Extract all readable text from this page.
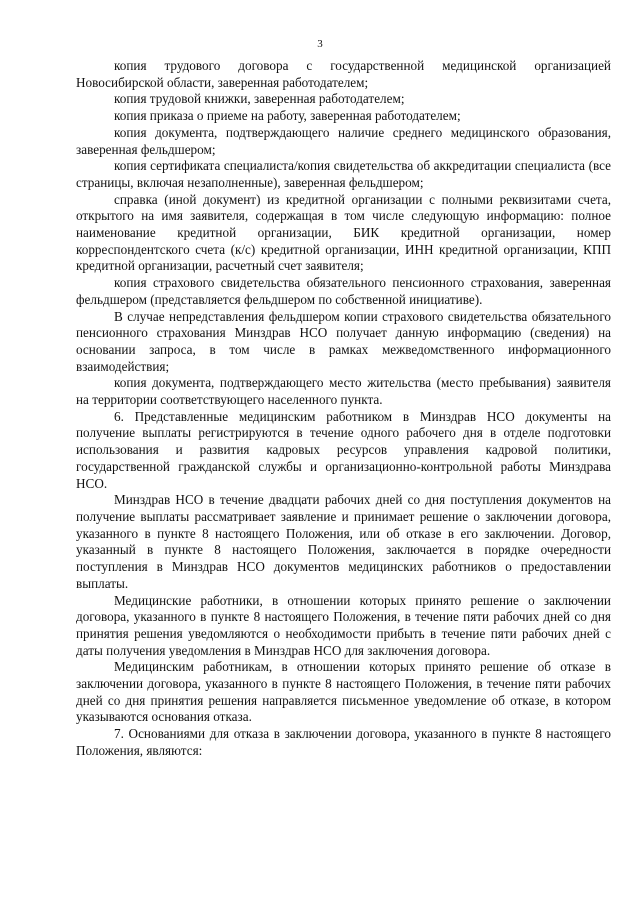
3

копия трудового договора с государственной медицинской организацией Новосибирской области, заверенная работодателем;

копия трудовой книжки, заверенная работодателем;

копия приказа о приеме на работу, заверенная работодателем;

копия документа, подтверждающего наличие среднего медицинского образования, заверенная фельдшером;

копия сертификата специалиста/копия свидетельства об аккредитации специалиста (все страницы, включая незаполненные), заверенная фельдшером;

справка (иной документ) из кредитной организации с полными реквизитами счета, открытого на имя заявителя, содержащая в том числе следующую информацию: полное наименование кредитной организации, БИК кредитной организации, номер корреспондентского счета (к/с) кредитной организации, ИНН кредитной организации, КПП кредитной организации, расчетный счет заявителя;

копия страхового свидетельства обязательного пенсионного страхования, заверенная фельдшером (представляется фельдшером по собственной инициативе).

В случае непредставления фельдшером копии страхового свидетельства обязательного пенсионного страхования Минздрав НСО получает данную информацию (сведения) на основании запроса, в том числе в рамках межведомственного информационного взаимодействия;

копия документа, подтверждающего место жительства (место пребывания) заявителя на территории соответствующего населенного пункта.

6. Представленные медицинским работником в Минздрав НСО документы на получение выплаты регистрируются в течение одного рабочего дня в отделе подготовки использования и развития кадровых ресурсов управления кадровой политики, государственной гражданской службы и организационно-контрольной работы Минздрава НСО.

Минздрав НСО в течение двадцати рабочих дней со дня поступления документов на получение выплаты рассматривает заявление и принимает решение о заключении договора, указанного в пункте 8 настоящего Положения, или об отказе в его заключении. Договор, указанный в пункте 8 настоящего Положения, заключается в порядке очередности поступления в Минздрав НСО документов медицинских работников о предоставлении выплаты.

Медицинские работники, в отношении которых принято решение о заключении договора, указанного в пункте 8 настоящего Положения, в течение пяти рабочих дней со дня принятия решения уведомляются о необходимости прибыть в течение пяти рабочих дней с даты получения уведомления в Минздрав НСО для заключения договора.

Медицинским работникам, в отношении которых принято решение об отказе в заключении договора, указанного в пункте 8 настоящего Положения, в течение пяти рабочих дней со дня принятия решения направляется письменное уведомление об отказе, в котором указываются основания отказа.

7. Основаниями для отказа в заключении договора, указанного в пункте 8 настоящего Положения, являются:
